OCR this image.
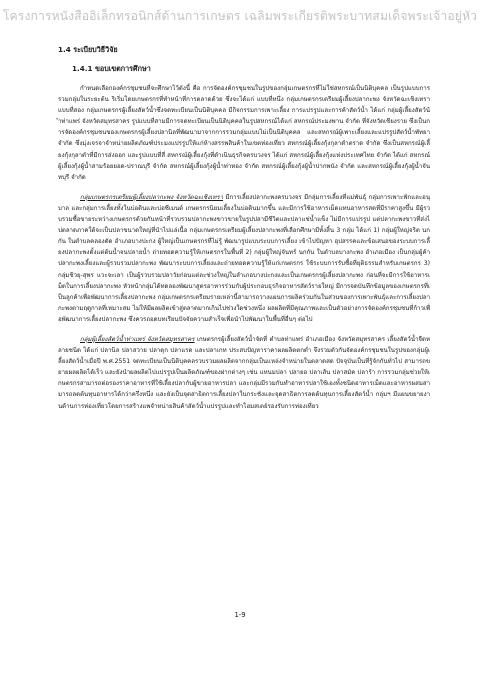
โครงการหนังสืออิเล็กทรอนิกส์ด้านการเกษตร เฉลิมพระเกียรติพระบาทสมเด็จพระเจ้าอยู่หัว
1.4 ระเบียบวิธีวิจัย
1.4.1 ขอบเขตการศึกษา

กำหนดเลือกองค์กรชุมชนที่จะศึกษาไว้ดังนี้ คือ การจัดองค์กรชุมชนในรูปของกลุ่มเกษตรกรที่ไม่ใช่สหกรณ์เป็นนิติบุคคล เป็นรูปแบบการรวมกลุ่มในระยะต้น ริเริ่มโดยเกษตรกรที่ทำหน้าที่การตลาดด้วย ซึ่งจะได้แก่ แบบที่หนึ่ง กลุ่มเกษตรกรเตรียมผู้เลี้ยงปลากะพง จังหวัดฉะเชิงเทรา แบบที่สอง กลุ่มเกษตรกรผู้เลี้ยงสัตว์น้ำซึ่งจดทะเบียนเป็นนิติบุคคล มีกิจกรรมการเพาะเลี้ยง การแปรรูปและการค้าสัตว์น้ำ ได้แก่ กลุ่มผู้เลี้ยงสัตว์น้ำท่าแพร่ จังหวัดสมุทรสาคร รูปแบบที่สามมีการจดทะเบียนเป็นนิติบุคคลในรูปสหกรณ์ได้แก่ สหกรณ์ประมงพาน จำกัด ที่จังหวัดเชียงราย ซึ่งเป็นการจัดองค์กรชุมชนของเกษตรกรผู้เลี้ยงปลานิลที่พัฒนามาจากการรวมกลุ่มแบบไม่เป็นนิติบุคคล และสหกรณ์ผู้เพาะเลี้ยงและแปรรูปสัตว์น้ำพัทยา จำกัด ซึ่งมุ่งเจรจาจำหน่ายผลิตภัณฑ์ประมงแปรรูปให้แก่ห้างสรรพสินค้าในเขตท่องเที่ยว สหกรณ์ผู้เลี้ยงกุ้งกุลาดำตราด จำกัด ซึ่งเป็นสหกรณ์ผู้เลี้ยงกุ้งกุลาดำที่มีการส่งออก และรูปแบบที่สี่ สหกรณ์ผู้เลี้ยงกุ้งที่ดำเนินธุรกิจครบวงจร ได้แก่ สหกรณ์ผู้เลี้ยงกุ้งแห่งประเทศไทย จำกัด ได้แก่ สหกรณ์ผู้เลี้ยงกุ้งผู้น้ำสามร้อยยอด-ปราณบุรี จำกัด สหกรณ์ผู้เลี้ยงกุ้งผู้น้ำท่าทอง จำกัด สหกรณ์ผู้เลี้ยงกุ้งผู้น้ำปากพนัง จำกัด และสหกรณ์ผู้เลี้ยงกุ้งผู้น้ำจันทบุรี จำกัด

กลุ่มเกษตรกรเตรียมผู้เลี้ยงปลากะพง จังหวัดฉะเชิงเทรา มีการเลี้ยงปลากะพงครบวงจร มีกลุ่มการเลี้ยงที่แม่พันธุ์ กลุ่มการเพาะฟักและอนุบาล และกลุ่มการเลี้ยงทั้งในบ่อดินและบ่อซีเมนต์ เกษตรกรนิยมเลี้ยงในบ่อดินมากขึ้น และมีการใช้อาหารเม็ดแทนอาหารสดที่มีราคาสูงขึ้น มีผู้รวบรวมซื้อขายระหว่างเกษตรกรด้วยกันหน้าที่รวบรวมปลากะพงขาวขายในรูปปลามีชีวิตและปลาแช่น้ำแข็ง ไม่มีการแปรรูป แต่ปลากะพงขาวที่ส่งไปตลาดภาคใต้จะเป็นปลาขนาดใหญ่ที่นำไปแล่เนื้อ กลุ่มเกษตรกรเตรียมผู้เลี้ยงปลากะพงที่เลือกศึกษามีทั้งสิ้น 3 กลุ่ม ได้แก่ 1) กลุ่มผู้ใหญ่จริต นกกัน ในตำบลคลองตัด อำเภอบางปะกง ผู้ใหญ่เป็นเกษตรกรที่ไม่รู้ พัฒนารูปแบบระบบการเลี้ยง เข้าไปปัญหา อุปสรรคและข้อเสนอของระบบการเลี้ยงปลากะพงตั้งแต่ต้นน้ำจนปลายน้ำ ถ่ายทอดความรู้ให้เกษตรกรในพื้นที่ 2) กลุ่มผู้ใหญ่จันทร์ นกกัน ในตำบลบางกะพง อำเภอเมือง เป็นกลุ่มผู้ค้าปลากะพงเลี้ยงและผู้รวบรวมปลากะพง พัฒนาระบบการเลี้ยงและถ่ายทอดความรู้ให้แก่เกษตรกร ใช้ระบบการรับซื้อที่ยุติธรรมสำหรับเกษตรกร 3) กลุ่มชิวยุ-สุพร แวะจะเลา เป็นผู้รวบรวมปลาวัยก่อนแต่ละช่วงใหญ่ในลำเภอบางปะกงและเป็นเกษตรกรผู้เลี้ยงปลากะพง ก่อนที่จะมีการใช้อาหารเม็ดในการเลี้ยงปลากะพง หัวหน้ากลุ่มได้ทดลองพัฒนาสูตรอาหารร่วมกับผู้ประกอบธุรกิจอาหารสัตว์รายใหญ่ มีการจดบันทึกข้อมูลของเกษตรกรที่เป็นลูกค้าเพื่อพัฒนาการเลี้ยงปลากะพง กลุ่มเกษตรกรเตรียมรายเหล่านี้สามารถวางแผนการผลิตร่วมกันในส่วนของการเพาะพันธุ์และการเลี้ยงปลากะพงตามฤดูกาลที่เหมาะสม ไม่ให้มีผลผลิตเข้าสู่ตลาดมากเกินไปช่วงใดช่วงหนึ่ง ผลผลิตที่มีคุณภาพและเป็นตัวอย่างการจัดองค์กรชุมชนที่ก้าวเพื่อพัฒนาการเลี้ยงปลากะพง ซึ่งควรถอดบทเรียนปัจจัยความสำเร็จเพื่อนำไปพัฒนาในพื้นที่อื่นๆ ต่อไป

กลุ่มผู้เลี้ยงสัตว์น้ำท่าแพร่ จังหวัดสมุทรสาคร เกษตรกรผู้เลี้ยงสัตว์น้ำจัดที่ ตำบลท่าแพร่ อำเภอเมือง จังหวัดสมุทรสาคร เลี้ยงสัตว์น้ำจืดหลายชนิด ได้แก่ ปลานิล ปลาสวาย ปลาดุก ปลาแรด และปลาเกท ประสบปัญหาราคาผลผลิตตกต่ำ จึงรวมตัวกันจัดองค์กรชุมชนในรูปของกลุ่มผู้เลี้ยงสัตว์น้ำเมื่อปี พ.ศ.2551 จดทะเบียนเป็นนิติบุคคลรวบรวมผลผลิตจากกลุ่มเป็นแหล่งจำหน่ายในตลาดสด ปัจจุบันเป็นที่รู้จักกันทั่วไป สามารถขยายผลผลิตได้เร็ว และยังนำผลผลิตไปแปรรูปเป็นผลิตภัณฑ์ของฝากต่างๆ เช่น แหนมปลา ปลายอ ปลาเส้น ปลาสมัค ปลาร้า การรวมกลุ่มช่วยให้เกษตรกรสามารถต่อรองราคาอาหารที่ใช้เลี้ยงปลากับผู้ขายอาหารปลา และกลุ่มมีรวมกันทำอาหารปลาใช้เองทั้งชนิดอาหารเม็ดและอาหารผสมสามารถลดต้นทุนอาหารได้กว่าครึ่งหนึ่ง และยังเป็นจุดสาธิตการเลี้ยงปลาในกระชังและจุดสาธิตการลดต้นทุนการเลี้ยงสัตว์น้ำ กลุ่มฯ มีแผนขยายงานด้านการท่องเที่ยวโดยการสร้างแพจำหน่ายสินค้าสัตว์น้ำแปรรูปและทำโฮมสเตย์รองรับการท่องเที่ยว

1-9
